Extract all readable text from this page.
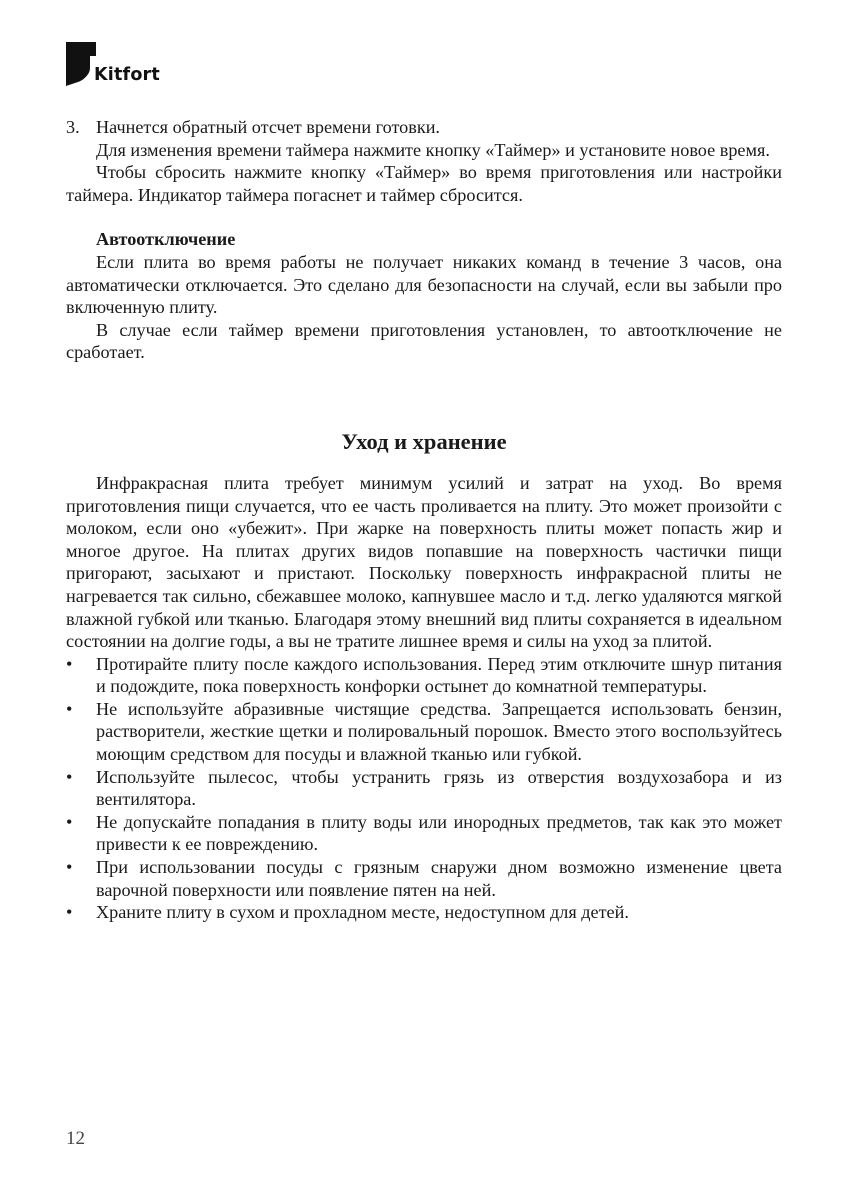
Kitfort
3. Начнется обратный отсчет времени готовки.

Для изменения времени таймера нажмите кнопку «Таймер» и установите новое время.

Чтобы сбросить нажмите кнопку «Таймер» во время приготовления или настройки таймера. Индикатор таймера погаснет и таймер сбросится.

Автоотключение

Если плита во время работы не получает никаких команд в течение 3 часов, она автоматически отключается. Это сделано для безопасности на случай, если вы забыли про включенную плиту.

В случае если таймер времени приготовления установлен, то автоотключение не сработает.

Уход и хранение

Инфракрасная плита требует минимум усилий и затрат на уход. Во время приготовления пищи случается, что ее часть проливается на плиту. Это может произойти с молоком, если оно «убежит». При жарке на поверхность плиты может попасть жир и многое другое. На плитах других видов попавшие на поверхность частички пищи пригорают, засыхают и пристают. Поскольку поверхность инфракрасной плиты не нагревается так сильно, сбежавшее молоко, капнувшее масло и т.д. легко удаляются мягкой влажной губкой или тканью. Благодаря этому внешний вид плиты сохраняется в идеальном состоянии на долгие годы, а вы не тратите лишнее время и силы на уход за плитой.

• Протирайте плиту после каждого использования. Перед этим отключите шнур питания и подождите, пока поверхность конфорки остынет до комнатной температуры.
• Не используйте абразивные чистящие средства. Запрещается использовать бензин, растворители, жесткие щетки и полировальный порошок. Вместо этого воспользуйтесь моющим средством для посуды и влажной тканью или губкой.
• Используйте пылесос, чтобы устранить грязь из отверстия воздухозабора и из вентилятора.
• Не допускайте попадания в плиту воды или инородных предметов, так как это может привести к ее повреждению.
• При использовании посуды с грязным снаружи дном возможно изменение цвета варочной поверхности или появление пятен на ней.
• Храните плиту в сухом и прохладном месте, недоступном для детей.
12
